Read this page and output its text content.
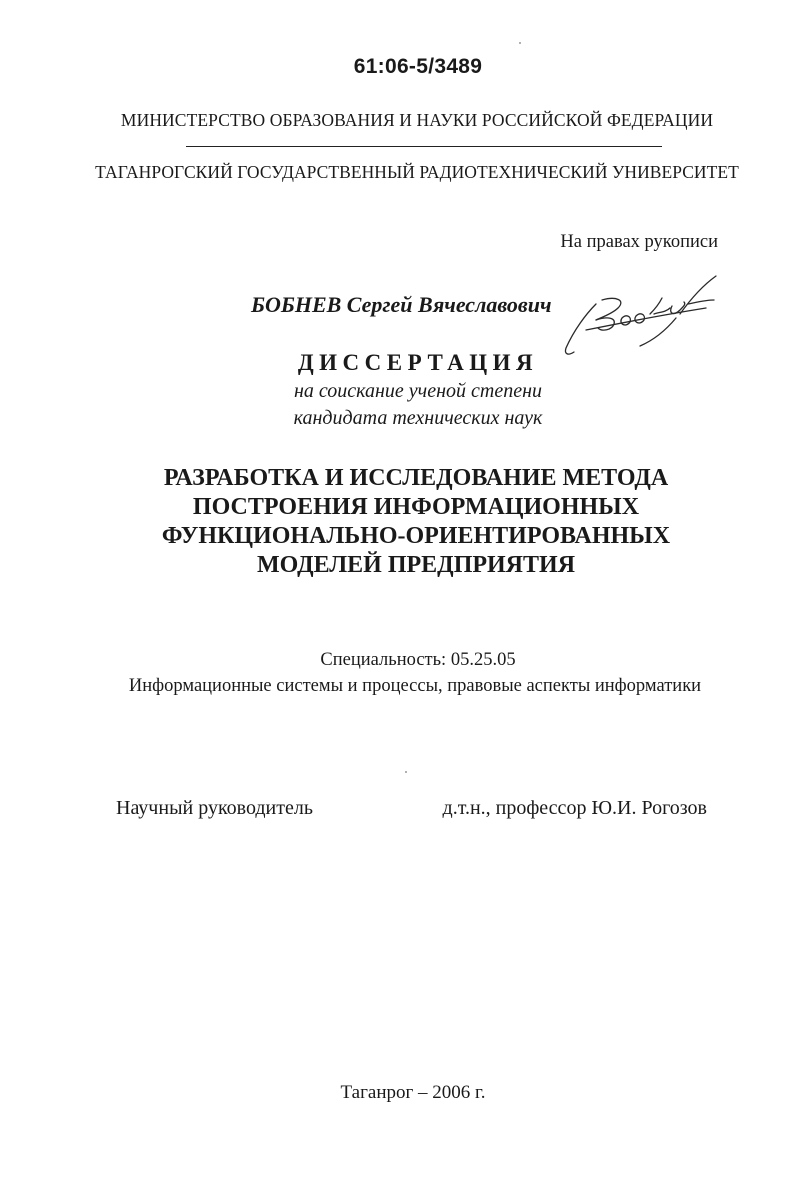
61:06-5/3489
МИНИСТЕРСТВО ОБРАЗОВАНИЯ И НАУКИ РОССИЙСКОЙ ФЕДЕРАЦИИ
ТАГАНРОГСКИЙ ГОСУДАРСТВЕННЫЙ РАДИОТЕХНИЧЕСКИЙ УНИВЕРСИТЕТ
На правах рукописи
БОБНЕВ Сергей Вячеславович
ДИССЕРТАЦИЯ
на соискание ученой степени
кандидата технических наук
РАЗРАБОТКА И ИССЛЕДОВАНИЕ МЕТОДА
ПОСТРОЕНИЯ ИНФОРМАЦИОННЫХ
ФУНКЦИОНАЛЬНО-ОРИЕНТИРОВАННЫХ
МОДЕЛЕЙ ПРЕДПРИЯТИЯ
Специальность: 05.25.05
Информационные системы и процессы, правовые аспекты информатики
Научный руководитель	д.т.н., профессор Ю.И. Рогозов
Таганрог – 2006 г.
